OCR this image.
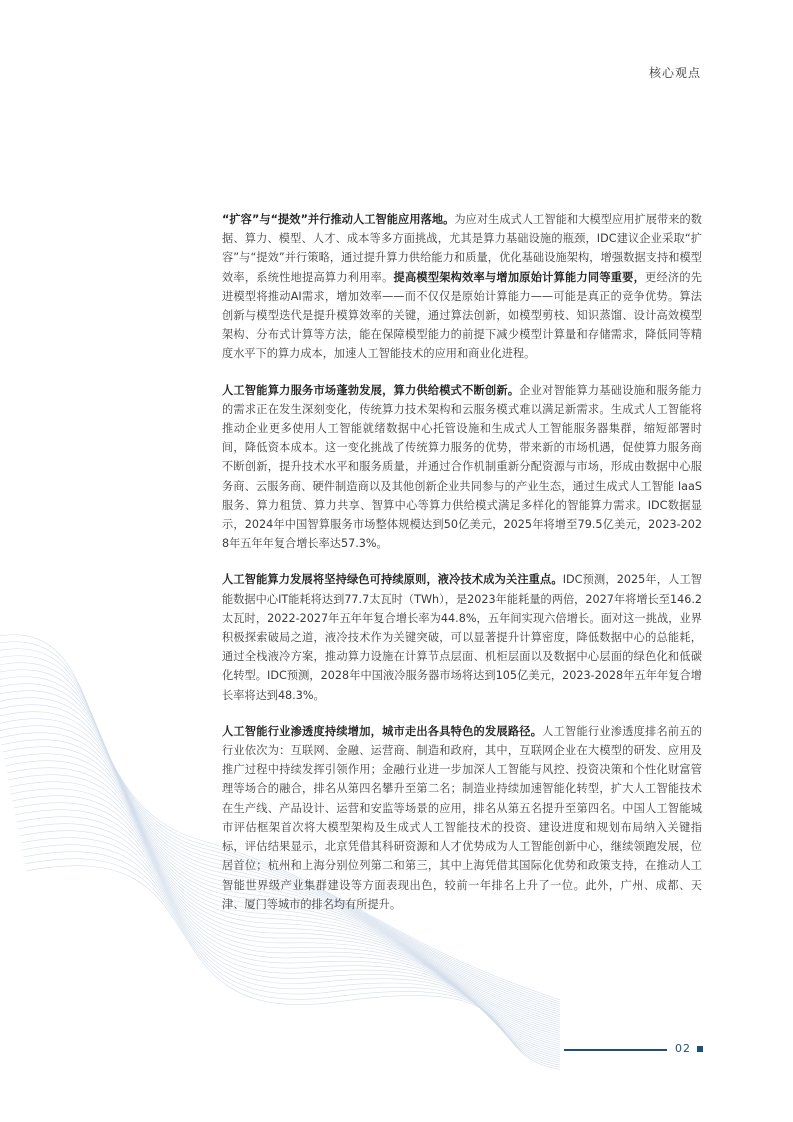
核心观点

“扩容”与“提效”并行推动人工智能应用落地。为应对生成式人工智能和大模型应用扩展带来的数据、算力、模型、人才、成本等多方面挑战，尤其是算力基础设施的瓶颈，IDC建议企业采取“扩容”与“提效”并行策略，通过提升算力供给能力和质量，优化基础设施架构，增强数据支持和模型效率，系统性地提高算力利用率。提高模型架构效率与增加原始计算能力同等重要，更经济的先进模型将推动AI需求，增加效率——而不仅仅是原始计算能力——可能是真正的竞争优势。算法创新与模型迭代是提升模算效率的关键，通过算法创新，如模型剪枝、知识蒸馏、设计高效模型架构、分布式计算等方法，能在保障模型能力的前提下减少模型计算量和存储需求，降低同等精度水平下的算力成本，加速人工智能技术的应用和商业化进程。

人工智能算力服务市场蓬勃发展，算力供给模式不断创新。企业对智能算力基础设施和服务能力的需求正在发生深刻变化，传统算力技术架构和云服务模式难以满足新需求。生成式人工智能将推动企业更多使用人工智能就绪数据中心托管设施和生成式人工智能服务器集群，缩短部署时间，降低资本成本。这一变化挑战了传统算力服务的优势，带来新的市场机遇，促使算力服务商不断创新，提升技术水平和服务质量，并通过合作机制重新分配资源与市场，形成由数据中心服务商、云服务商、硬件制造商以及其他创新企业共同参与的产业生态，通过生成式人工智能 IaaS服务、算力租赁、算力共享、智算中心等算力供给模式满足多样化的智能算力需求。IDC数据显示，2024年中国智算服务市场整体规模达到50亿美元，2025年将增至79.5亿美元，2023-2028年五年年复合增长率达57.3%。

人工智能算力发展将坚持绿色可持续原则，液冷技术成为关注重点。IDC预测，2025年，人工智能数据中心IT能耗将达到77.7太瓦时（TWh），是2023年能耗量的两倍，2027年将增长至146.2太瓦时，2022-2027年五年年复合增长率为44.8%，五年间实现六倍增长。面对这一挑战，业界积极探索破局之道，液冷技术作为关键突破，可以显著提升计算密度，降低数据中心的总能耗，通过全栈液冷方案，推动算力设施在计算节点层面、机柜层面以及数据中心层面的绿色化和低碳化转型。IDC预测，2028年中国液冷服务器市场将达到105亿美元，2023-2028年五年年复合增长率将达到48.3%。

人工智能行业渗透度持续增加，城市走出各具特色的发展路径。人工智能行业渗透度排名前五的行业依次为：互联网、金融、运营商、制造和政府，其中，互联网企业在大模型的研发、应用及推广过程中持续发挥引领作用；金融行业进一步加深人工智能与风控、投资决策和个性化财富管理等场合的融合，排名从第四名攀升至第二名；制造业持续加速智能化转型，扩大人工智能技术在生产线、产品设计、运营和安监等场景的应用，排名从第五名提升至第四名。中国人工智能城市评估框架首次将大模型架构及生成式人工智能技术的投资、建设进度和规划布局纳入关键指标，评估结果显示，北京凭借其科研资源和人才优势成为人工智能创新中心，继续领跑发展，位居首位；杭州和上海分别位列第二和第三，其中上海凭借其国际化优势和政策支持，在推动人工智能世界级产业集群建设等方面表现出色，较前一年排名上升了一位。此外，广州、成都、天津、厦门等城市的排名均有所提升。

02
